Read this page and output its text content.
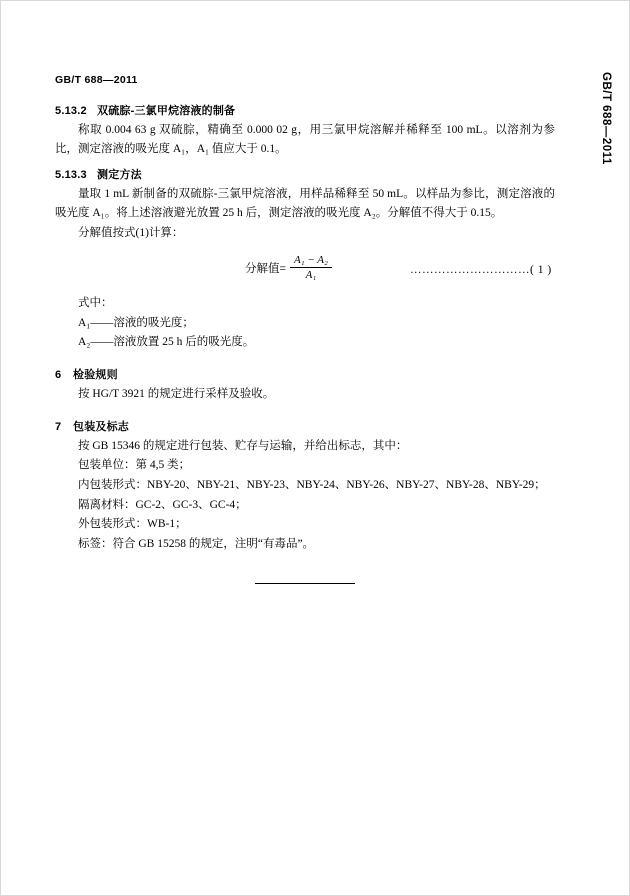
GB/T 688—2011	GB/T 688—2011
5.13.2 双硫腙-三氯甲烷溶液的制备

称取 0.004 63 g 双硫腙，精确至 0.000 02 g，用三氯甲烷溶解并稀释至 100 mL。以溶剂为参比，测定溶液的吸光度 A₁，A₁ 值应大于 0.1。

5.13.3 测定方法

量取 1 mL 新制备的双硫腙-三氯甲烷溶液，用样品稀释至 50 mL。以样品为参比，测定溶液的吸光度 A₁。将上述溶液避光放置 25 h 后，测定溶液的吸光度 A₂。分解值不得大于 0.15。

分解值按式(1)计算：

分解值= $\frac{\text{A₁ − A₂}}{\text{A₁}}$	…………………………( 1 )

式中：

A₁——溶液的吸光度；

A₂——溶液放置 25 h 后的吸光度。

6 检验规则

按 HG/T 3921 的规定进行采样及验收。

7 包装及标志

按 GB 15346 的规定进行包装、贮存与运输，并给出标志，其中：

包装单位：第 4,5 类；

内包装形式：NBY-20、NBY-21、NBY-23、NBY-24、NBY-26、NBY-27、NBY-28、NBY-29；

隔离材料：GC-2、GC-3、GC-4；

外包装形式：WB-1；

标签：符合 GB 15258 的规定，注明“有毒品”。
